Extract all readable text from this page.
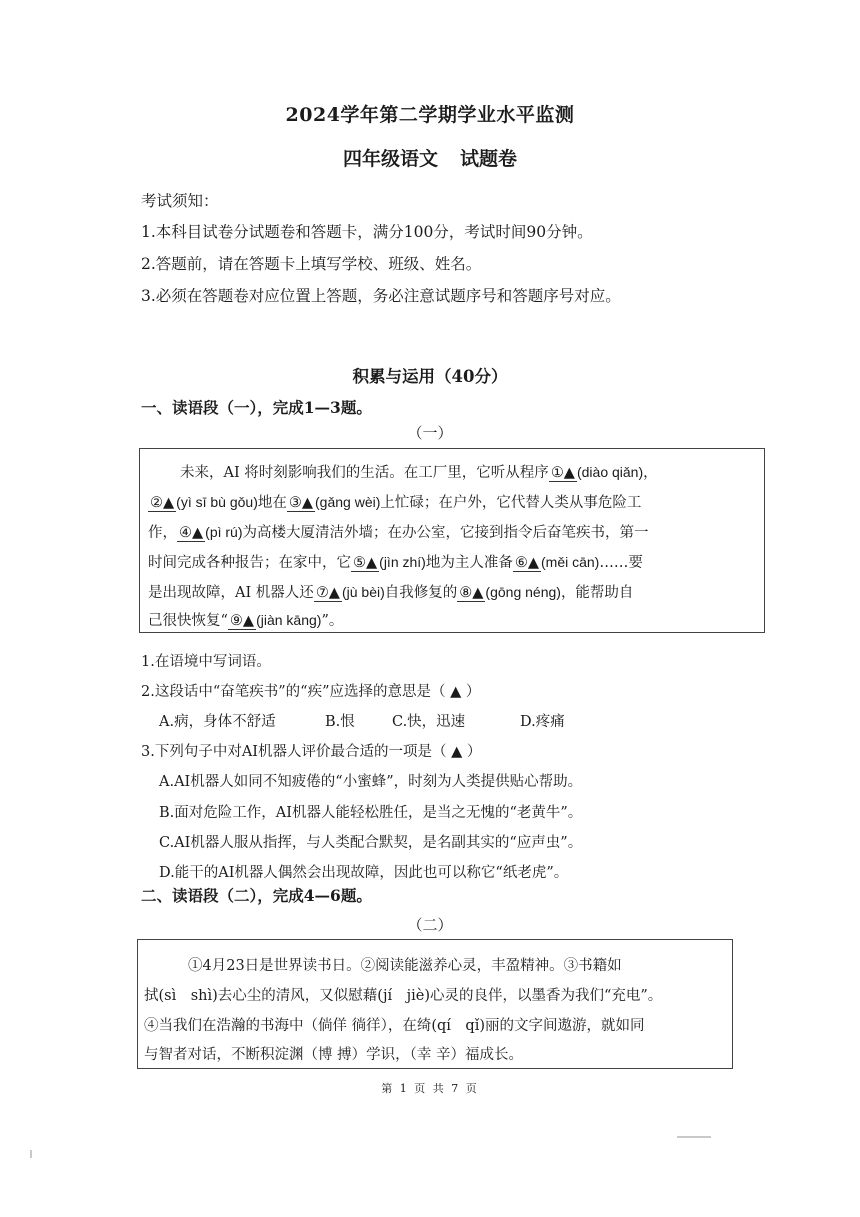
2024学年第二学期学业水平监测
四年级语文 试题卷
考试须知：
1.本科目试卷分试题卷和答题卡，满分100分，考试时间90分钟。
2.答题前，请在答题卡上填写学校、班级、姓名。
3.必须在答题卷对应位置上答题，务必注意试题序号和答题序号对应。
积累与运用（40分）
一、读语段（一），完成1—3题。
（一）
未来，AI 将时刻影响我们的生活。在工厂里，它听从程序 ①▲ (diào qiǎn)，
②▲ (yì sī bù gǒu)地在 ③▲ (gǎng wèi)上忙碌；在户外，它代替人类从事危险工
作， ④▲ (pì rú)为高楼大厦清洁外墙；在办公室，它接到指令后奋笔疾书，第一
时间完成各种报告；在家中，它 ⑤▲ (jìn zhí)地为主人准备 ⑥▲ (měi cān)……要
是出现故障，AI 机器人还 ⑦▲ (jù bèi)自我修复的 ⑧▲ (gōng néng)，能帮助自
己很快恢复“ ⑨▲ (jiàn kāng)”。
1.在语境中写词语。
2.这段话中“奋笔疾书”的“疾”应选择的意思是（ ▲ ）
A.病，身体不舒适	B.恨	C.快，迅速	D.疼痛
3.下列句子中对AI机器人评价最合适的一项是（ ▲ ）
A.AI机器人如同不知疲倦的“小蜜蜂”，时刻为人类提供贴心帮助。
B.面对危险工作，AI机器人能轻松胜任，是当之无愧的“老黄牛”。
C.AI机器人服从指挥，与人类配合默契，是名副其实的“应声虫”。
D.能干的AI机器人偶然会出现故障，因此也可以称它“纸老虎”。
二、读语段（二），完成4—6题。
（二）
①4月23日是世界读书日。②阅读能滋养心灵，丰盈精神。③书籍如
拭(sì　shì)去心尘的清风，又似慰藉(jí　jiè)心灵的良伴，以墨香为我们“充电”。
④当我们在浩瀚的书海中（倘佯 徜徉），在绮(qí　qǐ)丽的文字间遨游，就如同
与智者对话，不断积淀渊（博 搏）学识，（幸 辛）福成长。
第 1 页 共 7 页
